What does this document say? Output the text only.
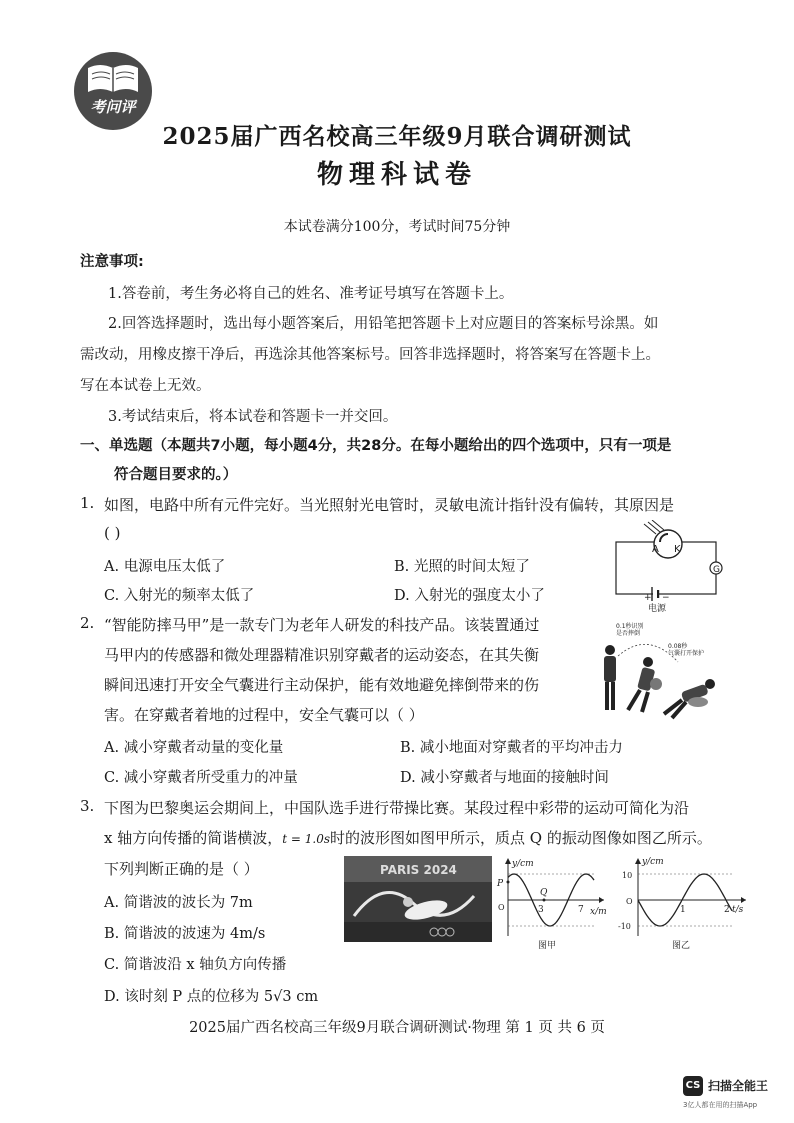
考问评
2025届广西名校高三年级9月联合调研测试
物理科试卷
本试卷满分100分，考试时间75分钟
注意事项:
1.答卷前，考生务必将自己的姓名、准考证号填写在答题卡上。
2.回答选择题时，选出每小题答案后，用铅笔把答题卡上对应题目的答案标号涂黑。如
需改动，用橡皮擦干净后，再选涂其他答案标号。回答非选择题时，将答案写在答题卡上。
写在本试卷上无效。
3.考试结束后，将本试卷和答题卡一并交回。
一、单选题（本题共7小题，每小题4分，共28分。在每小题给出的四个选项中，只有一项是
符合题目要求的。）
1. 如图，电路中所有元件完好。当光照射光电管时，灵敏电流计指针没有偏转，其原因是
( )
A. 电源电压太低了	B. 光照的时间太短了
C. 入射光的频率太低了	D. 入射光的强度太小了
A K
G
+ −
电源
2. “智能防摔马甲”是一款专门为老年人研发的科技产品。该装置通过
马甲内的传感器和微处理器精准识别穿戴者的运动姿态，在其失衡
瞬间迅速打开安全气囊进行主动保护，能有效地避免摔倒带来的伤
害。在穿戴者着地的过程中，安全气囊可以（ ）
A. 减小穿戴者动量的变化量	B. 减小地面对穿戴者的平均冲击力
C. 减小穿戴者所受重力的冲量	D. 减小穿戴者与地面的接触时间
0.1秒识别
是否摔倒
0.08秒
气囊打开保护
3. 下图为巴黎奥运会期间上，中国队选手进行带操比赛。某段过程中彩带的运动可简化为沿
x 轴方向传播的简谐横波，t = 1.0s时的波形图如图甲所示，质点 Q 的振动图像如图乙所示。
下列判断正确的是（ ）
A. 简谐波的波长为 7m
B. 简谐波的波速为 4m/s
C. 简谐波沿 x 轴负方向传播
D. 该时刻 P 点的位移为 5√3 cm
PARIS 2024	y/cm
x/m
P
Q
O	3	7
图甲
y/cm
t/s
10
-10
O
1	2
图乙
2025届广西名校高三年级9月联合调研测试·物理 第 1 页 共 6 页
CS 扫描全能王
3亿人都在用的扫描App
